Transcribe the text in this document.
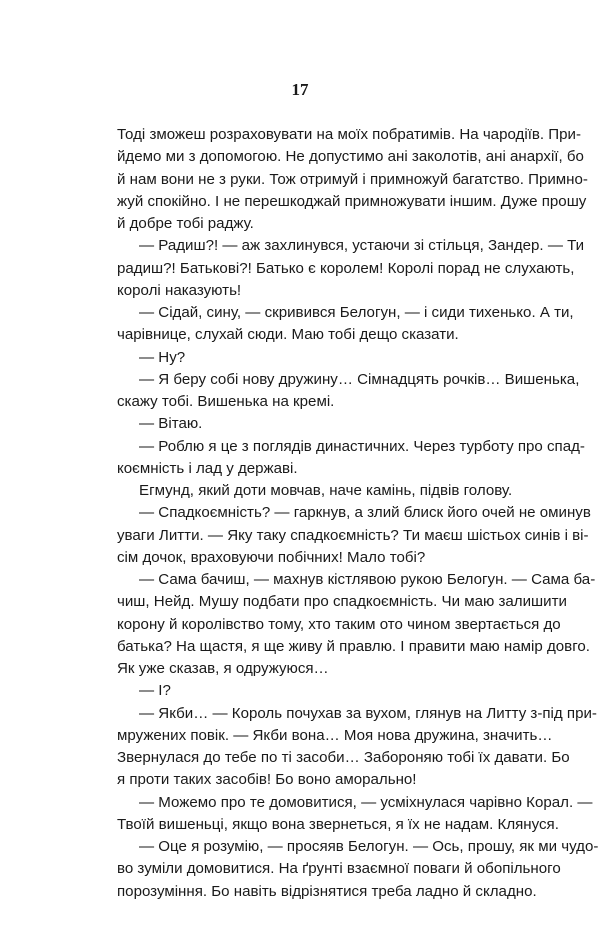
17

Тоді зможеш розраховувати на моїх побратимів. На чародіїв. При-

йдемо ми з допомогою. Не допустимо ані заколотів, ані анархії, бо

й нам вони не з руки. Тож отримуй і примножуй багатство. Примно-

жуй спокійно. І не перешкоджай примножувати іншим. Дуже прошу

й добре тобі раджу.

— Радиш?! — аж захлинувся, устаючи зі стільця, Зандер. — Ти

радиш?! Батькові?! Батько є королем! Королі порад не слухають,

королі наказують!

— Сідай, сину, — скривився Белогун, — і сиди тихенько. А ти,

чарівнице, слухай сюди. Маю тобі дещо сказати.

— Ну?

— Я беру собі нову дружину… Сімнадцять рочків… Вишенька,

скажу тобі. Вишенька на кремі.

— Вітаю.

— Роблю я це з поглядів династичних. Через турботу про спад-

коємність і лад у державі.

Егмунд, який доти мовчав, наче камінь, підвів голову.

— Спадкоємність? — гаркнув, а злий блиск його очей не оминув

уваги Литти. — Яку таку спадкоємність? Ти маєш шістьох синів і ві-

сім дочок, враховуючи побічних! Мало тобі?

— Сама бачиш, — махнув кістлявою рукою Белогун. — Сама ба-

чиш, Нейд. Мушу подбати про спадкоємність. Чи маю залишити

корону й королівство тому, хто таким ото чином звертається до

батька? На щастя, я ще живу й правлю. І правити маю намір довго.

Як уже сказав, я одружуюся…

— І?

— Якби… — Король почухав за вухом, глянув на Литту з-під при-

мружених повік. — Якби вона… Моя нова дружина, значить…

Звернулася до тебе по ті засоби… Забороняю тобі їх давати. Бо

я проти таких засобів! Бо воно аморально!

— Можемо про те домовитися, — усміхнулася чарівно Корал. —

Твоїй вишеньці, якщо вона звернеться, я їх не надам. Клянуся.

— Оце я розумію, — просяяв Белогун. — Ось, прошу, як ми чудо-

во зуміли домовитися. На ґрунті взаємної поваги й обопільного

порозуміння. Бо навіть відрізнятися треба ладно й складно.
